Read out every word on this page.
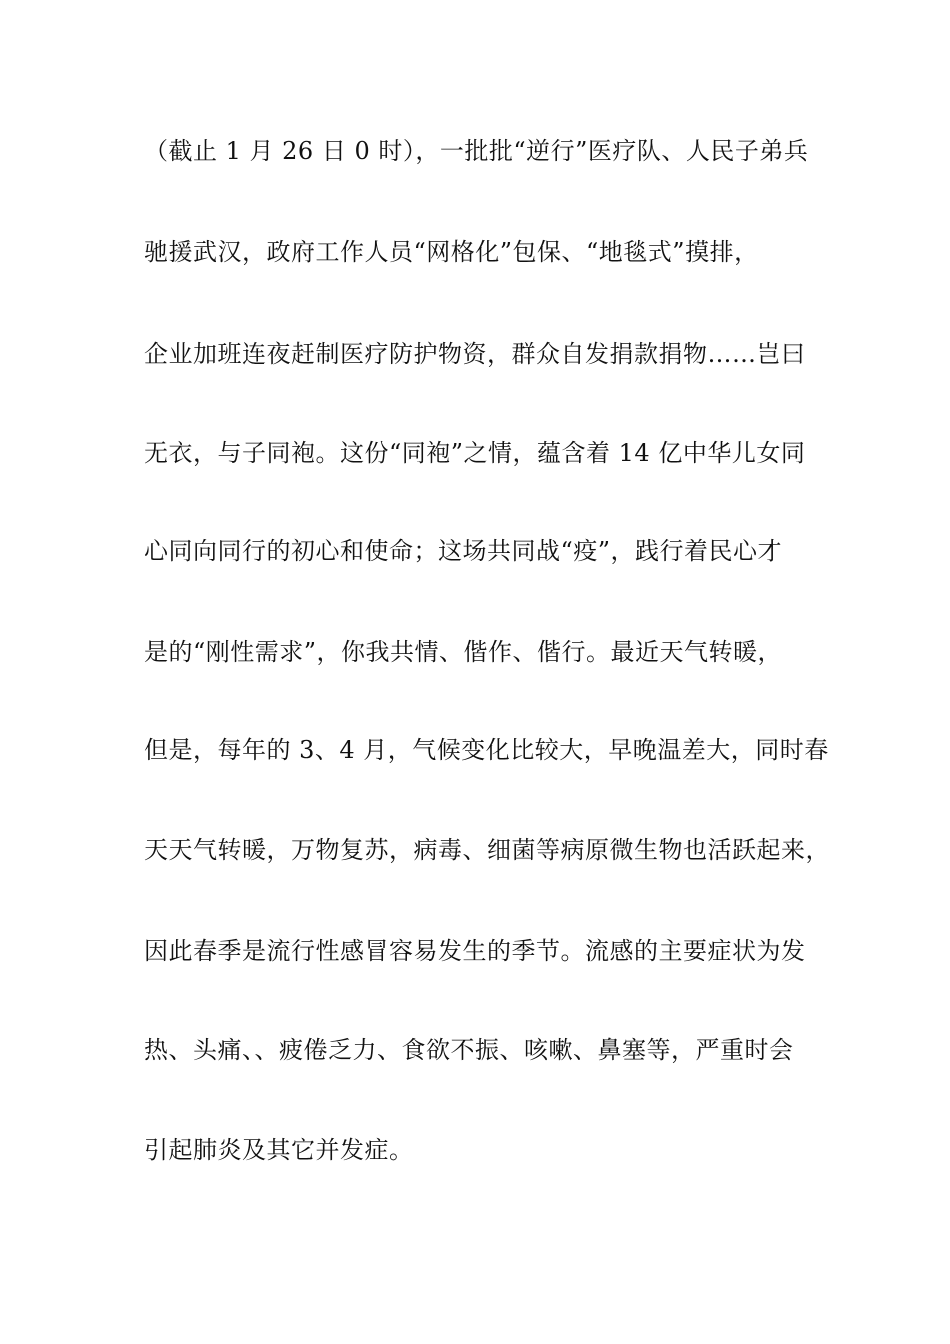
（截止 1 月 26 日 0 时），一批批“逆行”医疗队、人民子弟兵
驰援武汉，政府工作人员“网格化”包保、“地毯式”摸排，
企业加班连夜赶制医疗防护物资，群众自发捐款捐物……岂曰
无衣，与子同袍。这份“同袍”之情，蕴含着 14 亿中华儿女同
心同向同行的初心和使命；这场共同战“疫”，践行着民心才
是的“刚性需求”，你我共情、偕作、偕行。最近天气转暖，
但是，每年的 3、4 月，气候变化比较大，早晚温差大，同时春
天天气转暖，万物复苏，病毒、细菌等病原微生物也活跃起来，
因此春季是流行性感冒容易发生的季节。流感的主要症状为发
热、头痛、、疲倦乏力、食欲不振、咳嗽、鼻塞等，严重时会
引起肺炎及其它并发症。
